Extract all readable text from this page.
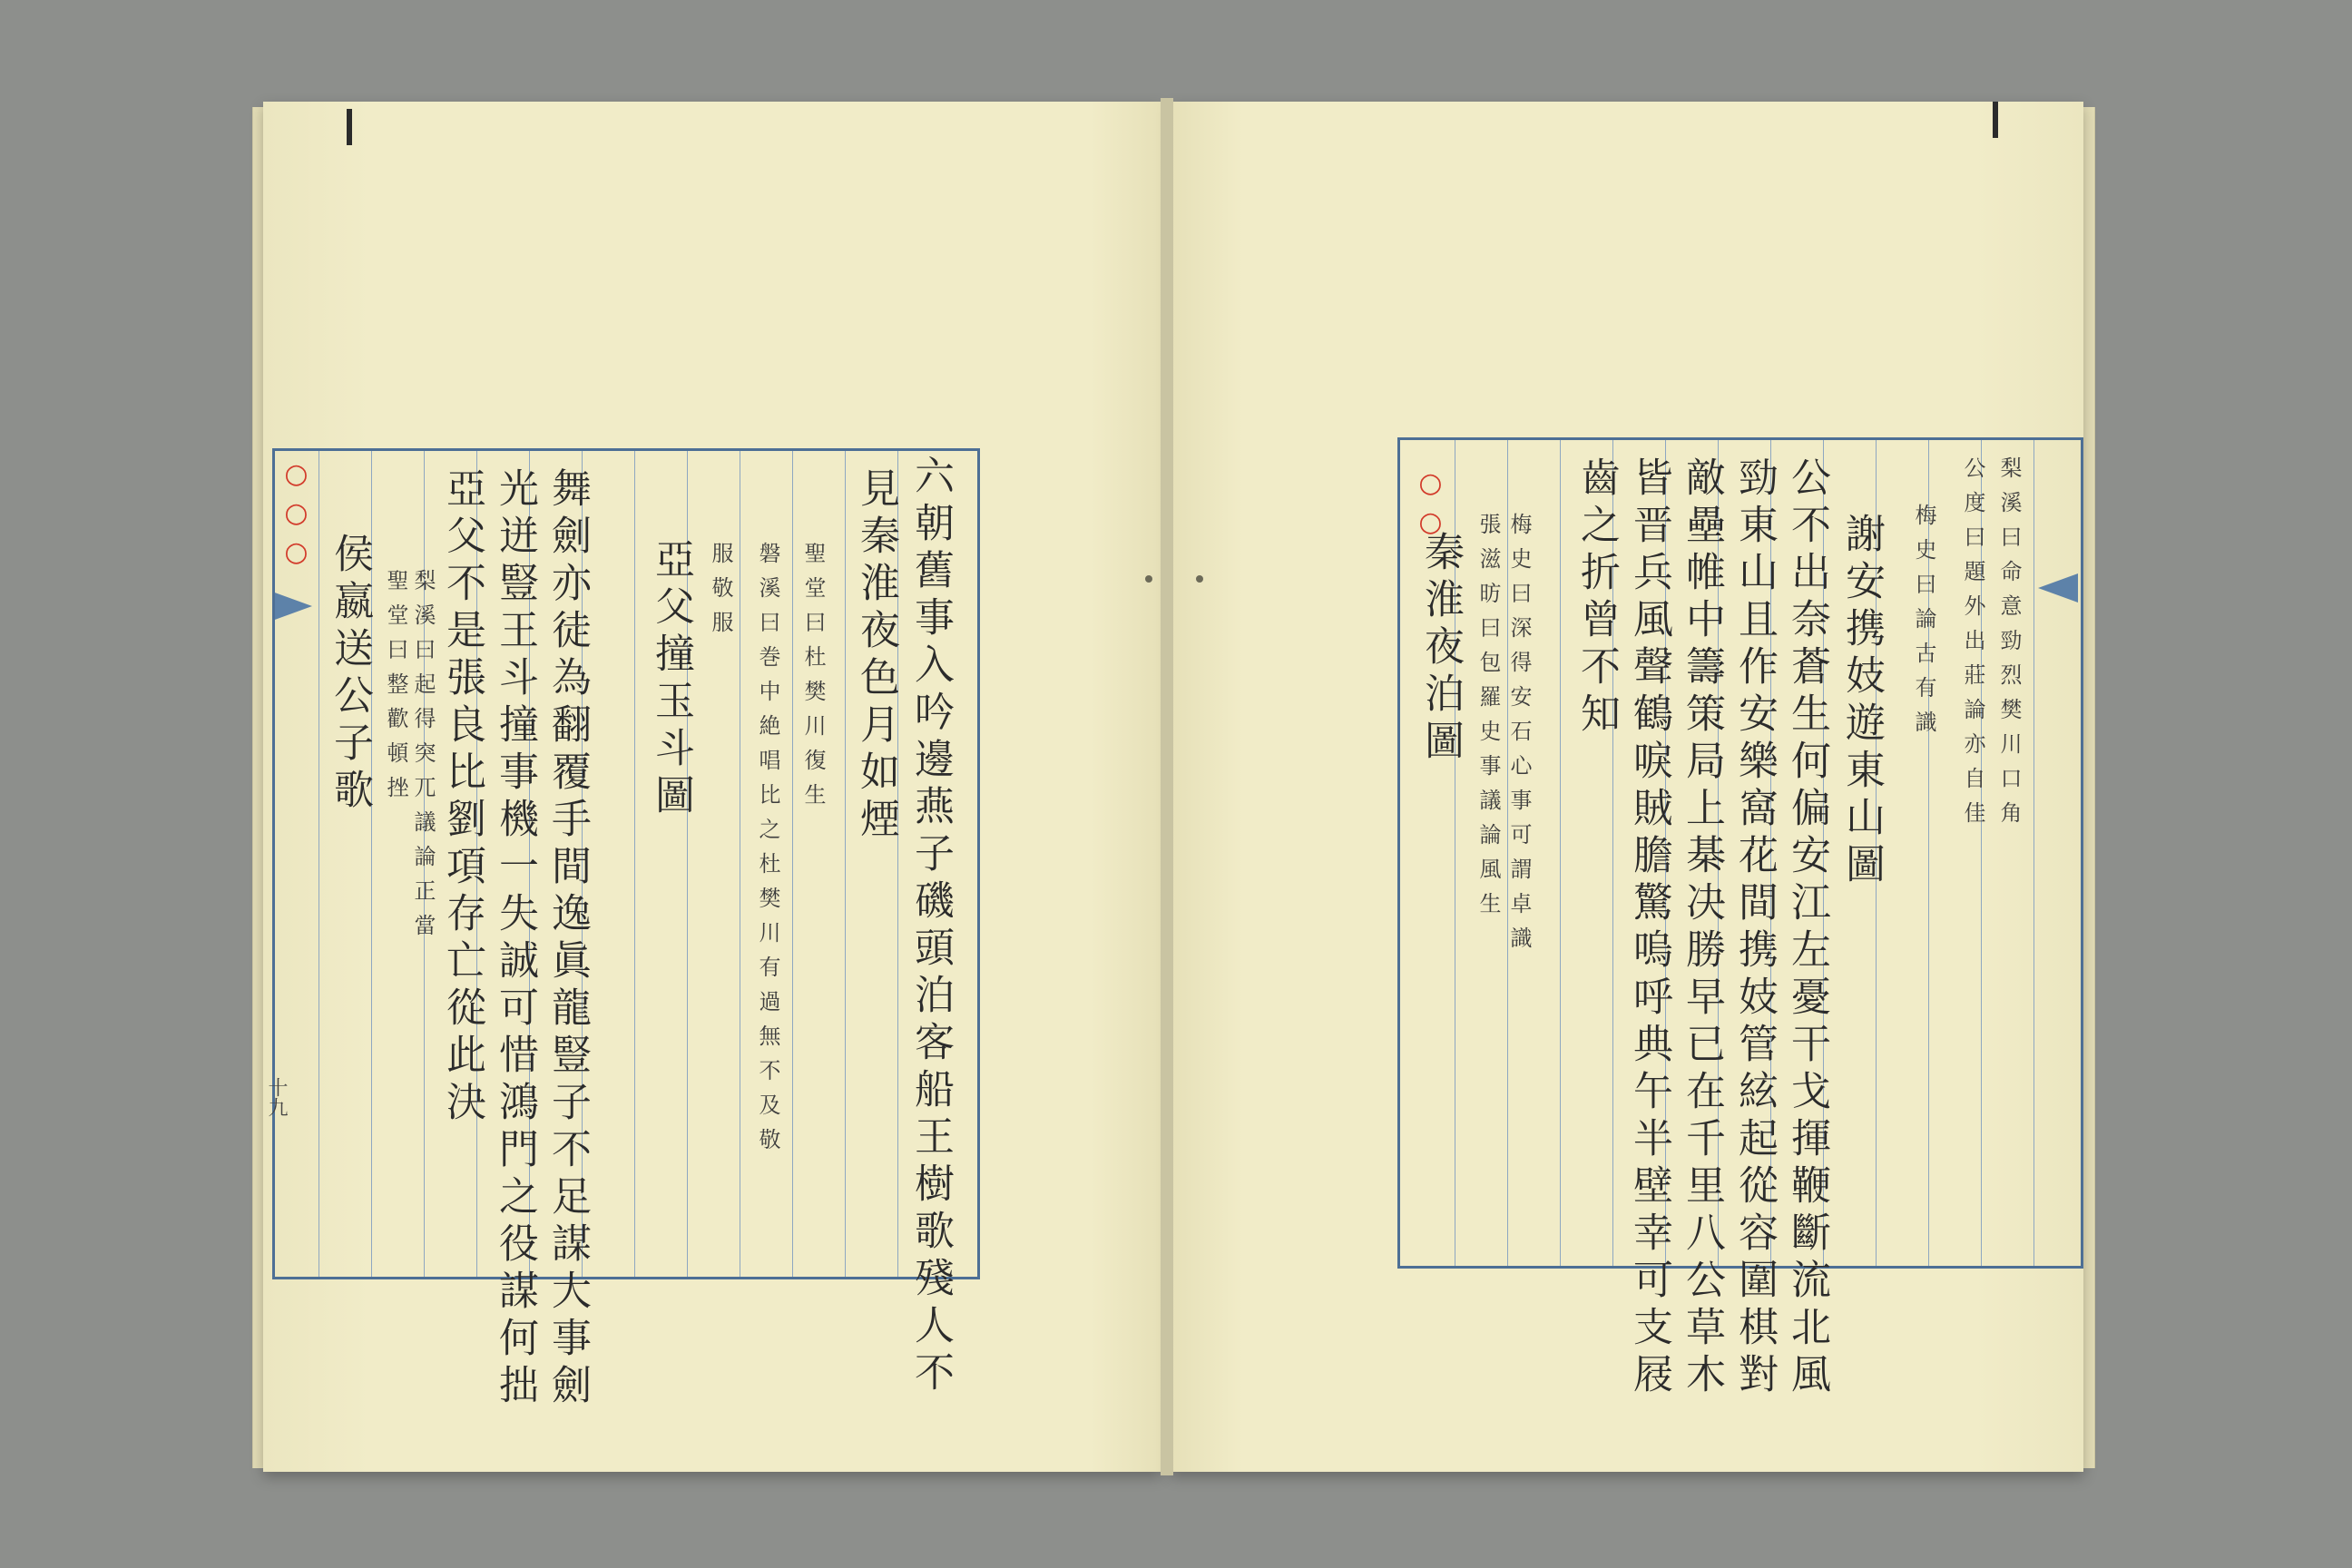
○○○
侯嬴送公子歌 聖堂曰整歡頓挫 梨溪曰起得突兀議論正當 亞父不是張良比劉項存亡從此決 光迸豎王斗撞事機一失誠可惜鴻門之役謀何拙 舞劍亦徒為翻覆手間逸眞龍豎子不足謀大事劍 亞父撞玉斗圖 服敬服 磐溪曰巻中絶唱比之杜樊川有過無不及敬 聖堂曰杜樊川復生 見秦淮夜色月如煙 六朝舊事入吟邊燕子磯頭泊客船王樹歌殘人不
十九
○○
秦淮夜泊圖 張滋昉曰包羅史事議論風生 梅史曰深得安石心事可謂卓識 齒之折曾不知 皆晋兵風聲鶴唳賊膽驚嗚呼典午半壁幸可支屐 敵壘帷中籌策局上棊决勝早已在千里八公草木 勁東山且作安樂窩花間携妓管絃起從容圍棋對 公不出奈蒼生何偏安江左憂干戈揮鞭斷流北風 謝安携妓遊東山圖 梅史曰論古有識 公度曰題外出莊論亦自佳 梨溪曰命意勁烈樊川口角
